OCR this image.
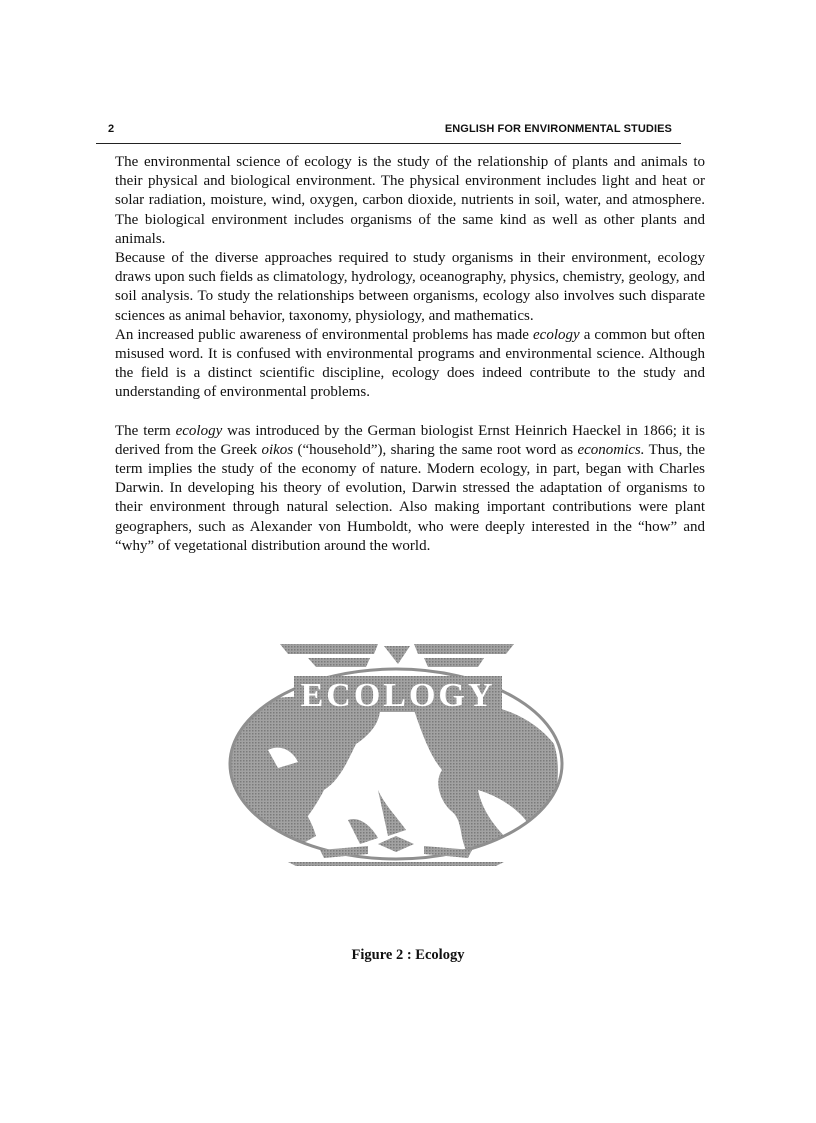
2	ENGLISH FOR ENVIRONMENTAL STUDIES

The environmental science of ecology is the study of the relationship of plants and animals to their physical and biological environment. The physical environment includes light and heat or solar radiation, moisture, wind, oxygen, carbon dioxide, nutrients in soil, water, and atmosphere. The biological environment includes organisms of the same kind as well as other plants and animals.

Because of the diverse approaches required to study organisms in their environment, ecology draws upon such fields as climatology, hydrology, oceanography, physics, chemistry, geology, and soil analysis. To study the relationships between organisms, ecology also involves such disparate sciences as animal behavior, taxonomy, physiology, and mathematics.

An increased public awareness of environmental problems has made ecology a common but often misused word. It is confused with environmental programs and environmental science. Although the field is a distinct scientific discipline, ecology does indeed contribute to the study and understanding of environmental problems.

The term ecology was introduced by the German biologist Ernst Heinrich Haeckel in 1866; it is derived from the Greek oikos (“household”), sharing the same root word as economics. Thus, the term implies the study of the economy of nature. Modern ecology, in part, began with Charles Darwin. In developing his theory of evolution, Darwin stressed the adaptation of organisms to their environment through natural selection. Also making important contributions were plant geographers, such as Alexander von Humboldt, who were deeply interested in the “how” and “why” of vegetational distribution around the world.

ECOLOGY
Figure 2 : Ecology
